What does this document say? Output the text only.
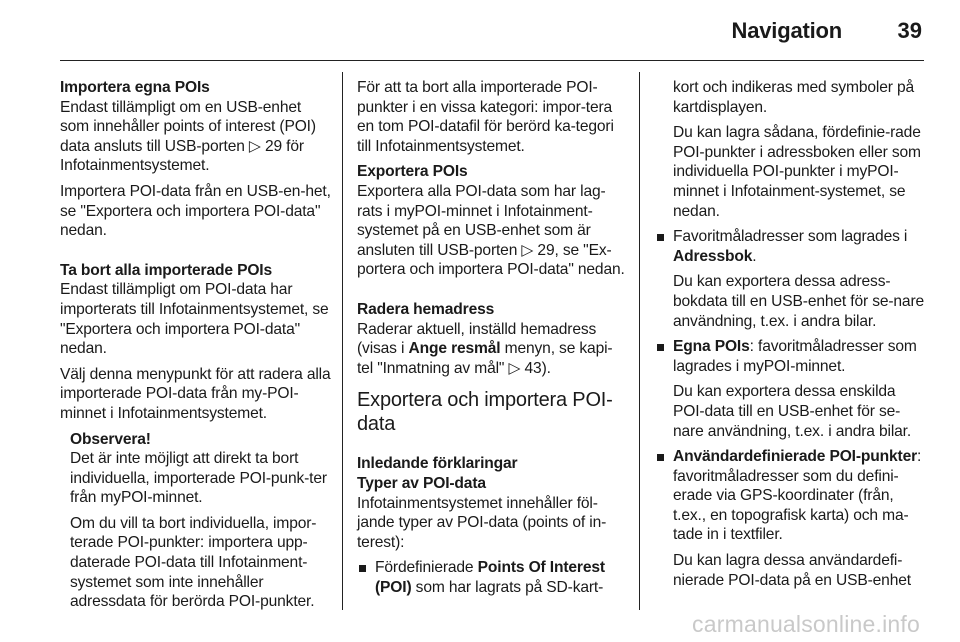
Navigation	39

Importera egna POIs

Endast tillämpligt om en USB-enhet som innehåller points of interest (POI) data ansluts till USB-porten ▷ 29 för Infotainmentsystemet.

Importera POI-data från en USB-en-het, se "Exportera och importera POI-data" nedan.

Ta bort alla importerade POIs

Endast tillämpligt om POI-data har importerats till Infotainmentsystemet, se "Exportera och importera POI-data" nedan.

Välj denna menypunkt för att radera alla importerade POI-data från my-POI-minnet i Infotainmentsystemet.

Observera!

Det är inte möjligt att direkt ta bort individuella, importerade POI-punk-ter från myPOI-minnet.

Om du vill ta bort individuella, impor-terade POI-punkter: importera upp-daterade POI-data till Infotainment-systemet som inte innehåller adressdata för berörda POI-punkter.

För att ta bort alla importerade POI-punkter i en vissa kategori: impor-tera en tom POI-datafil för berörd ka-tegori till Infotainmentsystemet.

Exportera POIs

Exportera alla POI-data som har lag-rats i myPOI-minnet i Infotainment-systemet på en USB-enhet som är ansluten till USB-porten ▷ 29, se "Ex-portera och importera POI-data" nedan.

Radera hemadress

Raderar aktuell, inställd hemadress (visas i Ange resmål menyn, se kapi-tel "Inmatning av mål" ▷ 43).

Exportera och importera POI-data

Inledande förklaringar

Typer av POI-data

Infotainmentsystemet innehåller föl-jande typer av POI-data (points of in-terest):

Fördefinierade Points Of Interest (POI) som har lagrats på SD-kart-

kort och indikeras med symboler på kartdisplayen.

Du kan lagra sådana, fördefinie-rade POI-punkter i adressboken eller som individuella POI-punkter i myPOI-minnet i Infotainment-systemet, se nedan.

Favoritmåladresser som lagrades i Adressbok.

Du kan exportera dessa adress-bokdata till en USB-enhet för se-nare användning, t.ex. i andra bilar.

Egna POIs: favoritmåladresser som lagrades i myPOI-minnet.

Du kan exportera dessa enskilda POI-data till en USB-enhet för se-nare användning, t.ex. i andra bilar.

Användardefinierade POI-punkter: favoritmåladresser som du defini-erade via GPS-koordinater (från, t.ex., en topografisk karta) och ma-tade in i textfiler.

Du kan lagra dessa användardefi-nierade POI-data på en USB-enhet

carmanualsonline.info
